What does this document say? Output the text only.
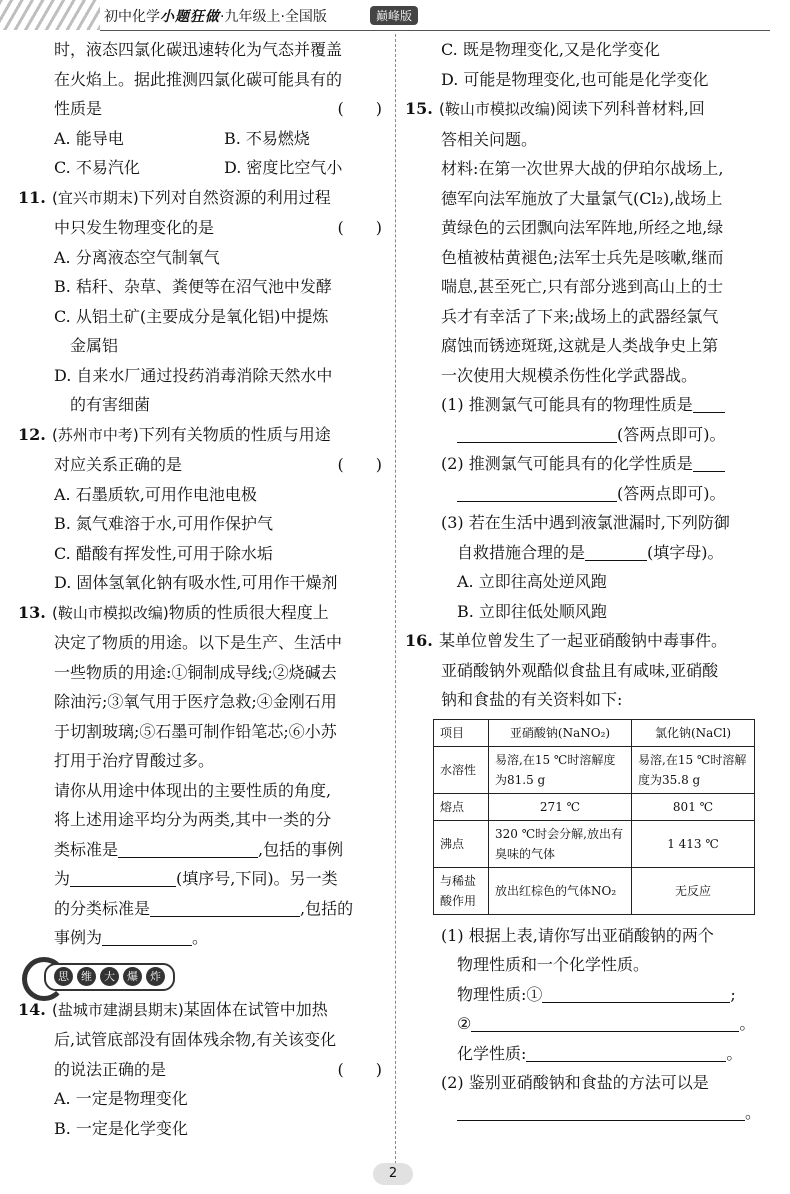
初中化学小题狂做·九年级上·全国版	巅峰版
时，液态四氯化碳迅速转化为气态并覆盖
在火焰上。据此推测四氯化碳可能具有的
性质是	(　　)
A. 能导电	B. 不易燃烧
C. 不易汽化	D. 密度比空气小
11. (宜兴市期末)下列对自然资源的利用过程
中只发生物理变化的是	(　　)
A. 分离液态空气制氧气
B. 秸秆、杂草、粪便等在沼气池中发酵
C. 从铝土矿(主要成分是氧化铝)中提炼
金属铝
D. 自来水厂通过投药消毒消除天然水中
的有害细菌
12. (苏州市中考)下列有关物质的性质与用途
对应关系正确的是	(　　)
A. 石墨质软,可用作电池电极
B. 氮气难溶于水,可用作保护气
C. 醋酸有挥发性,可用于除水垢
D. 固体氢氧化钠有吸水性,可用作干燥剂
13. (鞍山市模拟改编)物质的性质很大程度上
决定了物质的用途。以下是生产、生活中
一些物质的用途:①铜制成导线;②烧碱去
除油污;③氧气用于医疗急救;④金刚石用
于切割玻璃;⑤石墨可制作铅笔芯;⑥小苏
打用于治疗胃酸过多。
请你从用途中体现出的主要性质的角度,
将上述用途平均分为两类,其中一类的分
类标准是	,包括的事例
为	(填序号,下同)。另一类
的分类标准是	,包括的
事例为	。
思	维	大	爆	炸
14. (盐城市建湖县期末)某固体在试管中加热
后,试管底部没有固体残余物,有关该变化
的说法正确的是	(　　)
A. 一定是物理变化
B. 一定是化学变化
C. 既是物理变化,又是化学变化
D. 可能是物理变化,也可能是化学变化
15. (鞍山市模拟改编)阅读下列科普材料,回
答相关问题。
材料:在第一次世界大战的伊珀尔战场上,
德军向法军施放了大量氯气(Cl₂),战场上
黄绿色的云团飘向法军阵地,所经之地,绿
色植被枯黄褪色;法军士兵先是咳嗽,继而
喘息,甚至死亡,只有部分逃到高山上的士
兵才有幸活了下来;战场上的武器经氯气
腐蚀而锈迹斑斑,这就是人类战争史上第
一次使用大规模杀伤性化学武器战。
(1) 推测氯气可能具有的物理性质是
(答两点即可)。
(2) 推测氯气可能具有的化学性质是
(答两点即可)。
(3) 若在生活中遇到液氯泄漏时,下列防御
自救措施合理的是	(填字母)。
A. 立即往高处逆风跑
B. 立即往低处顺风跑
16. 某单位曾发生了一起亚硝酸钠中毒事件。
亚硝酸钠外观酷似食盐且有咸味,亚硝酸
钠和食盐的有关资料如下:
项目	亚硝酸钠(NaNO₂)	氯化钠(NaCl)
水溶性	易溶,在15 ℃时溶解度为81.5 g	易溶,在15 ℃时溶解度为35.8 g
熔点	271 ℃	801 ℃
沸点	320 ℃时会分解,放出有臭味的气体	1 413 ℃
与稀盐酸作用	放出红棕色的气体NO₂	无反应
(1) 根据上表,请你写出亚硝酸钠的两个
物理性质和一个化学性质。
物理性质:①	;
②	。
化学性质:	。
(2) 鉴别亚硝酸钠和食盐的方法可以是
。
2
